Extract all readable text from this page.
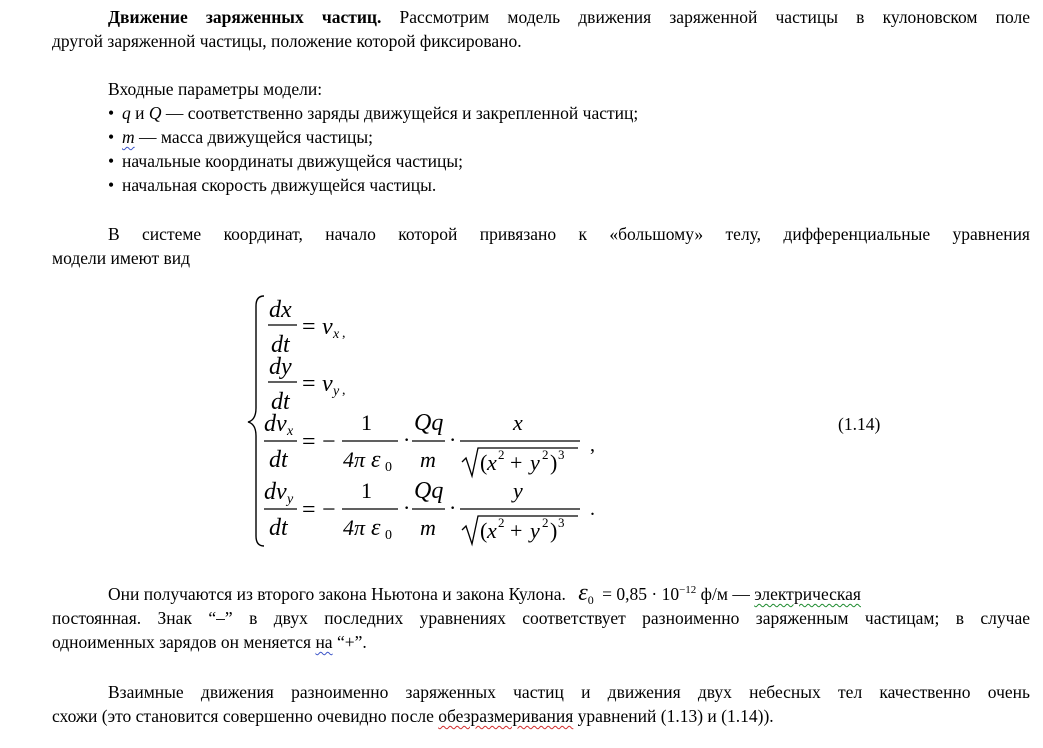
Движение заряженных частиц. Рассмотрим модель движения заряженной частицы в кулоновском поле
другой заряженной частицы, положение которой фиксировано.
Входные параметры модели:
• q и Q — соответственно заряды движущейся и закрепленной частиц;
• m — масса движущейся частицы;
• начальные координаты движущейся частицы;
• начальная скорость движущейся частицы.
В системе координат, начало которой привязано к «большому» телу, дифференциальные уравнения
модели имеют вид
dx
dt
= v x ,
dy
dt
= v y ,
dv x
dt
= −
1
4π ε 0
·
Qq
m
·
x
( x 2 + y 2 ) 3 ,
dv y
dt
= −
1
4π ε 0
·
Qq
m
·
y
( x 2 + y 2 ) 3
.
(1.14)
Они получаются из второго закона Ньютона и закона Кулона. $\varepsilon_0 = 0,85 \cdot 10^{-12}$ ф/м — электрическая
постоянная. Знак “–” в двух последних уравнениях соответствует разноименно заряженным частицам; в случае
одноименных зарядов он меняется на “+”.
Взаимные движения разноименно заряженных частиц и движения двух небесных тел качественно очень
схожи (это становится совершенно очевидно после обезразмеривания уравнений (1.13) и (1.14)).
